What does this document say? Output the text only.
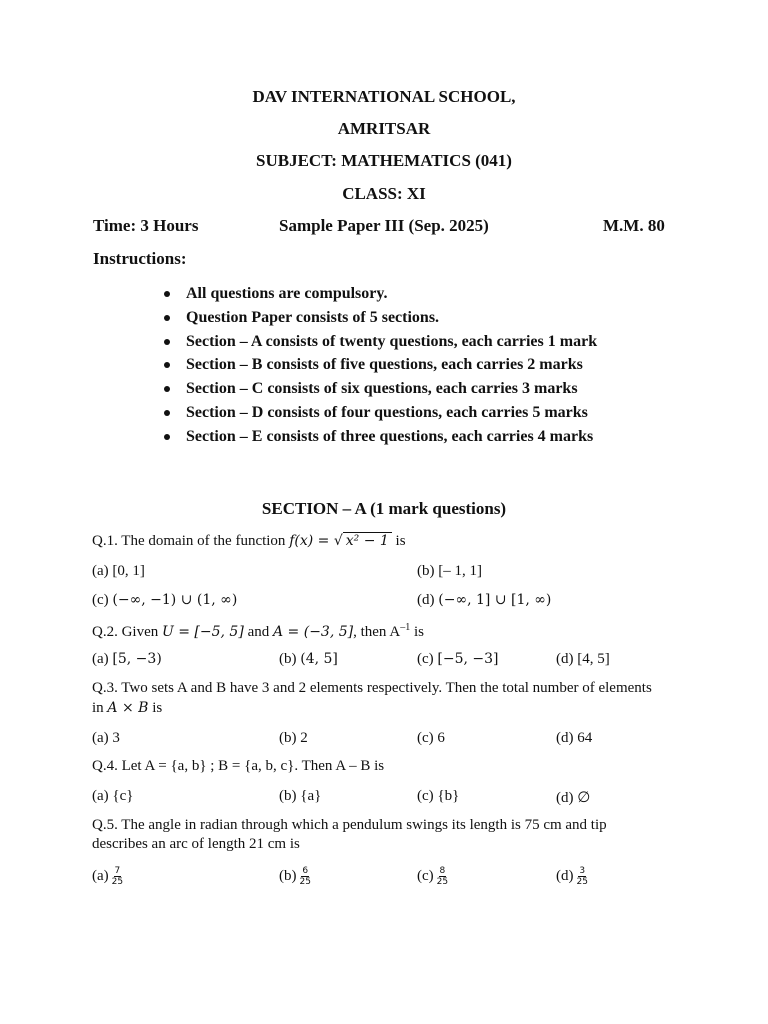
DAV INTERNATIONAL SCHOOL,
AMRITSAR
SUBJECT: MATHEMATICS (041)
CLASS: XI
Time: 3 Hours	Sample Paper III (Sep. 2025)	M.M. 80
Instructions:
All questions are compulsory.
Question Paper consists of 5 sections.
Section – A consists of twenty questions, each carries 1 mark
Section – B consists of five questions, each carries 2 marks
Section – C consists of six questions, each carries 3 marks
Section – D consists of four questions, each carries 5 marks
Section – E consists of three questions, each carries 4 marks
SECTION – A (1 mark questions)
Q.1. The domain of the function f(x) = √ x² − 1 is
(a) [0, 1]	(b) [– 1, 1]
(c) (−∞, −1) ∪ (1, ∞)	(d) (−∞, 1] ∪ [1, ∞)
Q.2. Given U = [−5, 5] and A = (−3, 5], then $A^{-1}$ is
(a) [5, −3)	(b) (4, 5]	(c) [−5, −3]	(d) [4, 5]
Q.3. Two sets A and B have 3 and 2 elements respectively. Then the total number of elements
in A × B is
(a) 3	(b) 2	(c) 6	(d) 64
Q.4. Let A = {a, b} ; B = {a, b, c}. Then A – B is
(a) {c}	(b) {a}	(c) {b}	(d) ∅
Q.5. The angle in radian through which a pendulum swings its length is 75 cm and tip
describes an arc of length 21 cm is
$(a) \frac{7}{25}$	$(b) \frac{6}{25}$	$(c) \frac{8}{25}$	$(d) \frac{3}{25}$
